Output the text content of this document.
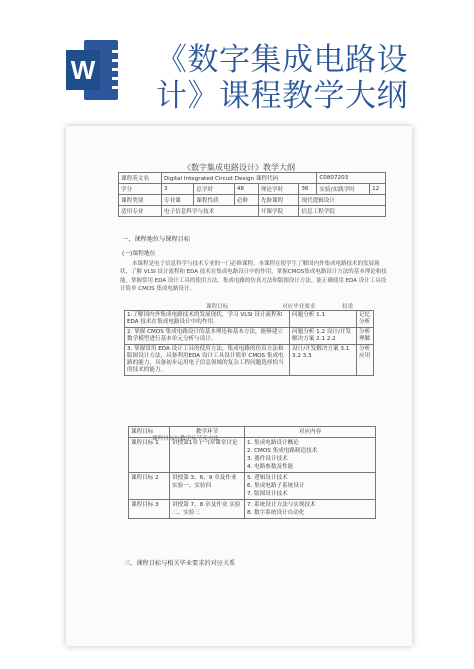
W 《数字集成电路设
计》课程教学大纲
《数字集成电路设计》教学大纲
课程英文名	Digital Integrated Circuit Design 课程代码					C0807203	
学分	3	总学时	48	理论学时	36	实验/实践学时	12
课程类别	专业课	课程性质	必修	先修课程	现代逻辑设计		
适用专业	电子信息科学与技术			开课学院	信息工程学院		
一、课程地位与课程目标
(一)课程地位
本课程是电子信息科学与技术专业的一门必修课程。本课程在使学生了解国内外集成电路技术的发展现状，了解 VLSI 设计流程和 EDA 技术在集成电路设计中的作用，掌握CMOS集成电路设计方法的基本理论和技能，掌握常用 EDA 设计工具的使用方法，集成电路的仿真方法和版图设计方法。能正确使用 EDA 设计工具设计简单 CMOS 集成电路设计。
课程目标	对应毕业要求	权重
1.了解国内外集成电路技术的发展现状，学习 VLSI 设计流程和 EDA 技术在集成电路设计中的作用。	问题分析 1.1	记忆 分析
2. 掌握 CMOS 集成电路设计的基本理论和基本方法，能够建立数学模型进行基本单元分析与设计。	问题分析 1.2 设计/开发解决方案 2.1 2.2	分析 理解
3. 掌握常用 EDA 设计工具的使用方法，集成电路的仿真方法和版图设计方法，具备利用EDA 设计工具设计简单 CMOS 集成电路的能力，具备初步运用电子信息领域的复杂工程问题选择恰当的技术的能力。	设计/开发解决方案 3.1 3.2 3.3	分析 应用
课程目标与教学环节及方法
课程目标	教学环节	对应内容
课程目标 1	讲授第1章 (一)章课堂讨论	1. 集成电路设计概论
2. CMOS 集成电路制造技术
3. 器件设计技术
4. 电路参数及性能
课程目标 2	讲授第 3、6、9 章及作业 实验一、实验四	5. 逻辑设计技术
6. 集成电路子系统设计
7. 版图设计技术
课程目标 3	讲授第 7、8 章及作业 实验二、实验三	7. 系统设计方法与实现技术
8. 数字系统设计自动化
三、课程目标与相关毕业要求的对应关系
